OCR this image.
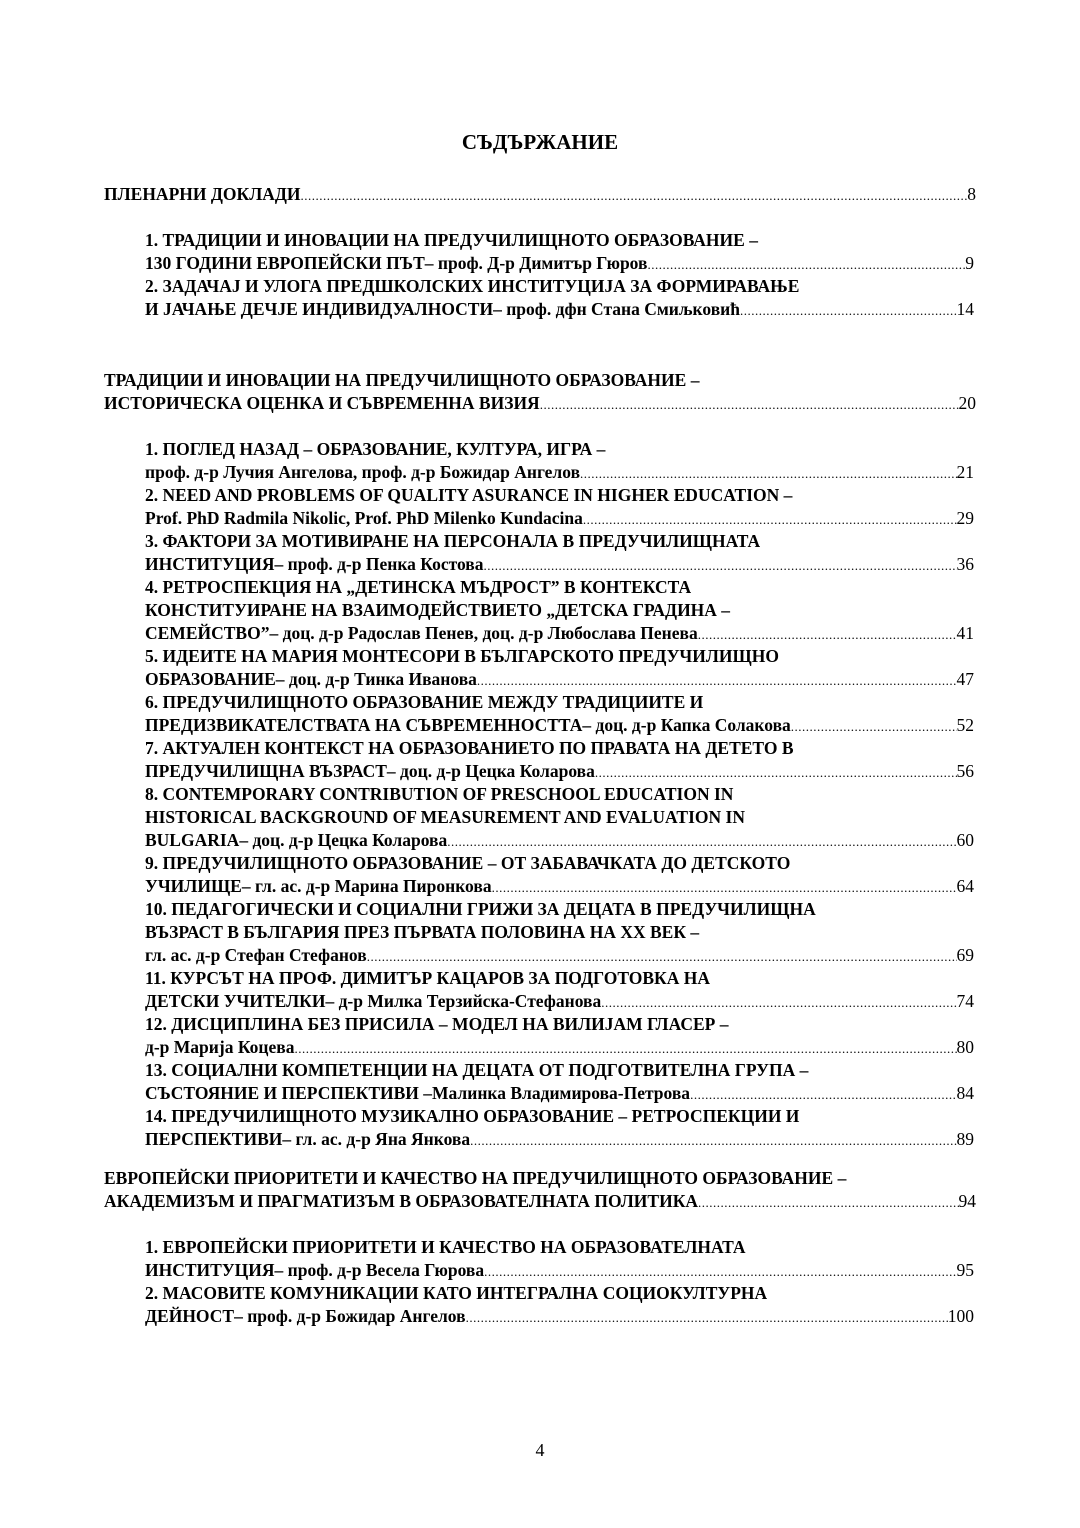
СЪДЪРЖАНИЕ
ПЛЕНАРНИ ДОКЛАДИ .....	8
1. ТРАДИЦИИ И ИНОВАЦИИ НА ПРЕДУЧИЛИЩНОТО ОБРАЗОВАНИЕ –
130 ГОДИНИ ЕВРОПЕЙСКИ ПЪТ – проф. Д-р Димитър Гюров .....	9
2. ЗАДАЧАЈ И УЛОГА ПРЕДШКОЛСКИХ ИНСТИТУЦИЈА ЗА ФОРМИРАВАЊЕ
И ЈАЧАЊЕ ДЕЧЈЕ ИНДИВИДУАЛНОСТИ – проф. дфн Стана Смиљковић .....	14
ТРАДИЦИИ И ИНОВАЦИИ НА ПРЕДУЧИЛИЩНОТО ОБРАЗОВАНИЕ –
ИСТОРИЧЕСКА ОЦЕНКА И СЪВРЕМЕННА ВИЗИЯ .....	20
1. ПОГЛЕД НАЗАД – ОБРАЗОВАНИЕ, КУЛТУРА, ИГРА –
проф. д-р Лучия Ангелова, проф. д-р Божидар Ангелов .....	21
2. NEED AND PROBLEMS OF QUALITY ASURANCE IN HIGHER EDUCATION –
Prof. PhD Radmila Nikolic, Prof. PhD Milenko Kundacina .....	29
3. ФАКТОРИ ЗА МОТИВИРАНЕ НА ПЕРСОНАЛА В ПРЕДУЧИЛИЩНАТА
ИНСТИТУЦИЯ – проф. д-р Пенка Костова .....	36
4. РЕТРОСПЕКЦИЯ НА „ДЕТИНСКА МЪДРОСТ” В КОНТЕКСТА
КОНСТИТУИРАНЕ НА ВЗАИМОДЕЙСТВИЕТО „ДЕТСКА ГРАДИНА –
СЕМЕЙСТВО” – доц. д-р Радослав Пенев, доц. д-р Любослава Пенева .....	41
5. ИДЕИТЕ НА МАРИЯ МОНТЕСОРИ В БЪЛГАРСКОТО ПРЕДУЧИЛИЩНО
ОБРАЗОВАНИЕ – доц. д-р Тинка Иванова .....	47
6. ПРЕДУЧИЛИЩНОТО ОБРАЗОВАНИЕ МЕЖДУ ТРАДИЦИИТЕ И
ПРЕДИЗВИКАТЕЛСТВАТА НА СЪВРЕМЕННОСТТА – доц. д-р Капка Солакова .....	52
7. АКТУАЛЕН КОНТЕКСТ НА ОБРАЗОВАНИЕТО ПО ПРАВАТА НА ДЕТЕТО В
ПРЕДУЧИЛИЩНА ВЪЗРАСТ – доц. д-р Цецка Коларова .....	56
8. CONTEMPORARY CONTRIBUTION OF PRESCHOOL EDUCATION IN
HISTORICAL BACKGROUND OF MEASUREMENT AND EVALUATION IN
BULGARIA – доц. д-р Цецка Коларова .....	60
9. ПРЕДУЧИЛИЩНОТО ОБРАЗОВАНИЕ – ОТ ЗАБАВАЧКАТА ДО ДЕТСКОТО
УЧИЛИЩЕ – гл. ас. д-р Марина Пиронкова .....	64
10. ПЕДАГОГИЧЕСКИ И СОЦИАЛНИ ГРИЖИ ЗА ДЕЦАТА В ПРЕДУЧИЛИЩНА
ВЪЗРАСТ В БЪЛГАРИЯ ПРЕЗ ПЪРВАТА ПОЛОВИНА НА ХХ ВЕК –
гл. ас. д-р Стефан Стефанов .....	69
11. КУРСЪТ НА ПРОФ. ДИМИТЪР КАЦАРОВ ЗА ПОДГОТОВКА НА
ДЕТСКИ УЧИТЕЛКИ – д-р Милка Терзийска-Стефанова .....	74
12. ДИСЦИПЛИНА БЕЗ ПРИСИЛА – МОДЕЛ НА ВИЛИЈАМ ГЛАСЕР –
д-р Марија Коцева .....	80
13. СОЦИАЛНИ КОМПЕТЕНЦИИ НА ДЕЦАТА ОТ ПОДГОТВИТЕЛНА ГРУПА –
СЪСТОЯНИЕ И ПЕРСПЕКТИВИ – Малинка Владимирова-Петрова .....	84
14. ПРЕДУЧИЛИЩНОТО МУЗИКАЛНО ОБРАЗОВАНИЕ – РЕТРОСПЕКЦИИ И
ПЕРСПЕКТИВИ – гл. ас. д-р Яна Янкова .....	89
ЕВРОПЕЙСКИ ПРИОРИТЕТИ И КАЧЕСТВО НА ПРЕДУЧИЛИЩНОТО ОБРАЗОВАНИЕ –
АКАДЕМИЗЪМ И ПРАГМАТИЗЪМ В ОБРАЗОВАТЕЛНАТА ПОЛИТИКА .....	94
1. ЕВРОПЕЙСКИ ПРИОРИТЕТИ И КАЧЕСТВО НА ОБРАЗОВАТЕЛНАТА
ИНСТИТУЦИЯ – проф. д-р Весела Гюрова .....	95
2. МАСОВИТЕ КОМУНИКАЦИИ КАТО ИНТЕГРАЛНА СОЦИОКУЛТУРНА
ДЕЙНОСТ – проф. д-р Божидар Ангелов .....	100
4
